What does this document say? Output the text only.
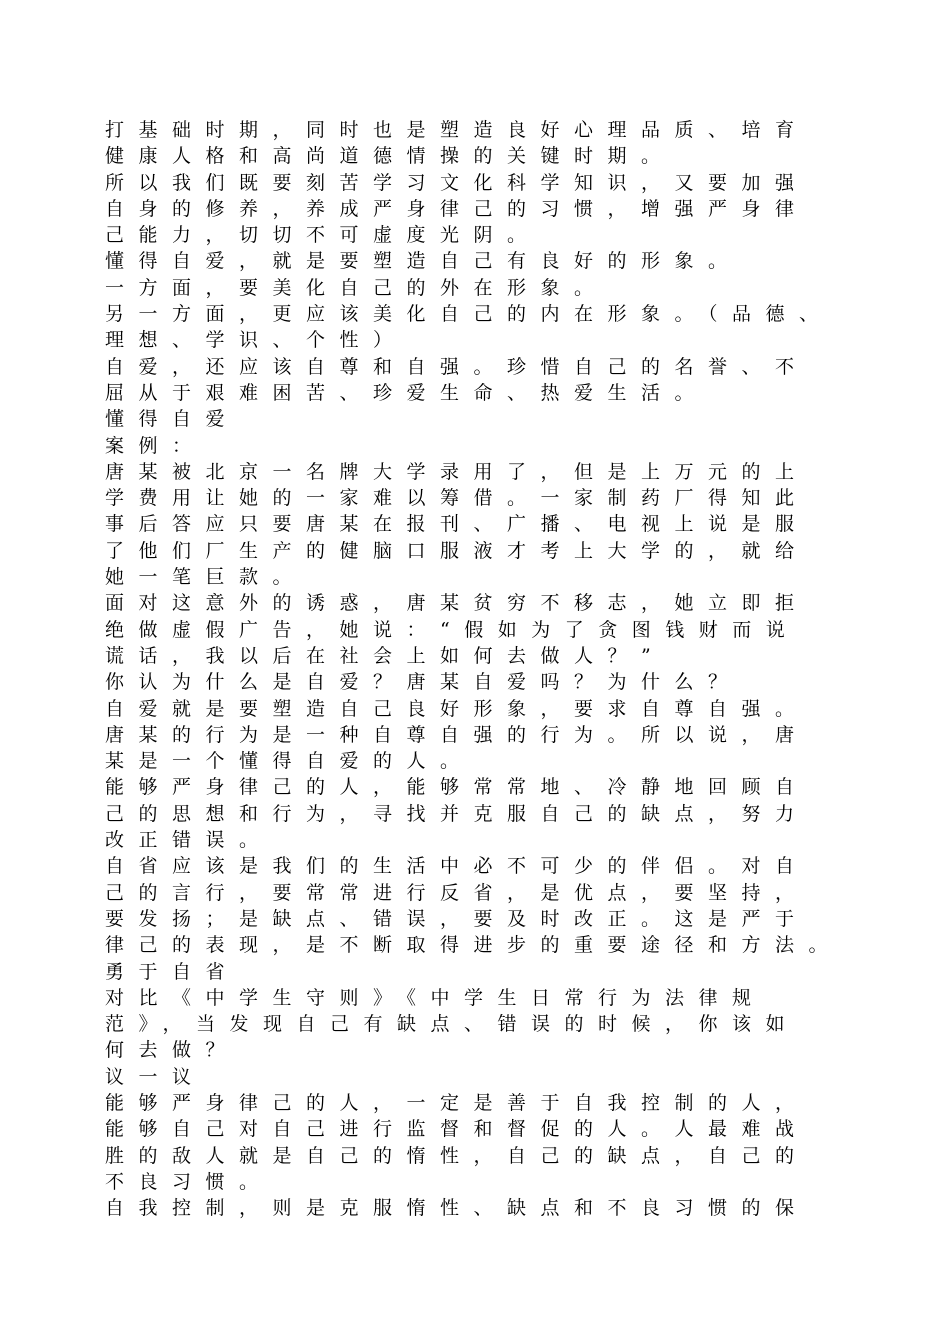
打基础时期，同时也是塑造良好心理品质、培育
健康人格和高尚道德情操的关键时期。
所以我们既要刻苦学习文化科学知识，又要加强
自身的修养，养成严身律己的习惯，增强严身律
己能力，切切不可虚度光阴。
懂得自爱，就是要塑造自己有良好的形象。
一方面，要美化自己的外在形象。
另一方面，更应该美化自己的内在形象。（品德、
理想、学识、个性）
自爱，还应该自尊和自强。珍惜自己的名誉、不
屈从于艰难困苦、珍爱生命、热爱生活。
懂得自爱
案例：
唐某被北京一名牌大学录用了，但是上万元的上
学费用让她的一家难以筹借。一家制药厂得知此
事后答应只要唐某在报刊、广播、电视上说是服
了他们厂生产的健脑口服液才考上大学的，就给
她一笔巨款。
面对这意外的诱惑，唐某贫穷不移志，她立即拒
绝做虚假广告，她说：“假如为了贪图钱财而说
谎话，我以后在社会上如何去做人？”
你认为什么是自爱？唐某自爱吗？为什么？
自爱就是要塑造自己良好形象，要求自尊自强。
唐某的行为是一种自尊自强的行为。所以说，唐
某是一个懂得自爱的人。
能够严身律己的人，能够常常地、冷静地回顾自
己的思想和行为，寻找并克服自己的缺点，努力
改正错误。
自省应该是我们的生活中必不可少的伴侣。对自
己的言行，要常常进行反省，是优点，要坚持，
要发扬；是缺点、错误，要及时改正。这是严于
律己的表现，是不断取得进步的重要途径和方法。
勇于自省
对比《中学生守则》《中学生日常行为法律规
范》，当发现自己有缺点、错误的时候，你该如
何去做？
议一议
能够严身律己的人，一定是善于自我控制的人，
能够自己对自己进行监督和督促的人。人最难战
胜的敌人就是自己的惰性，自己的缺点，自己的
不良习惯。
自我控制，则是克服惰性、缺点和不良习惯的保
